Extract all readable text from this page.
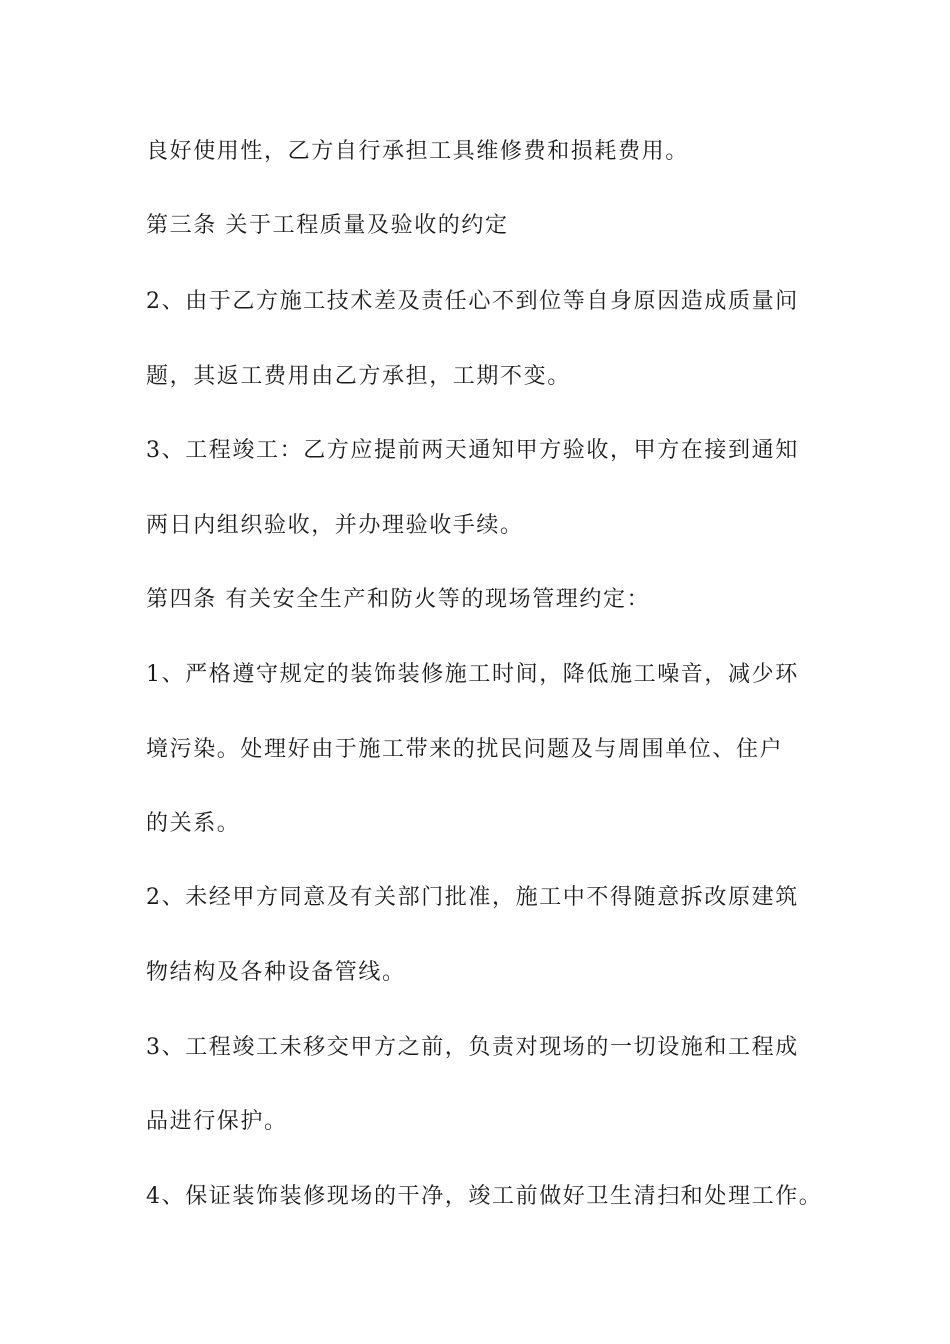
良好使用性，乙方自行承担工具维修费和损耗费用。

第三条 关于工程质量及验收的约定

2、由于乙方施工技术差及责任心不到位等自身原因造成质量问

题，其返工费用由乙方承担，工期不变。

3、工程竣工：乙方应提前两天通知甲方验收，甲方在接到通知

两日内组织验收，并办理验收手续。

第四条 有关安全生产和防火等的现场管理约定：

1、严格遵守规定的装饰装修施工时间，降低施工噪音，减少环

境污染。处理好由于施工带来的扰民问题及与周围单位、住户

的关系。

2、未经甲方同意及有关部门批准，施工中不得随意拆改原建筑

物结构及各种设备管线。

3、工程竣工未移交甲方之前，负责对现场的一切设施和工程成

品进行保护。

4、保证装饰装修现场的干净，竣工前做好卫生清扫和处理工作。
